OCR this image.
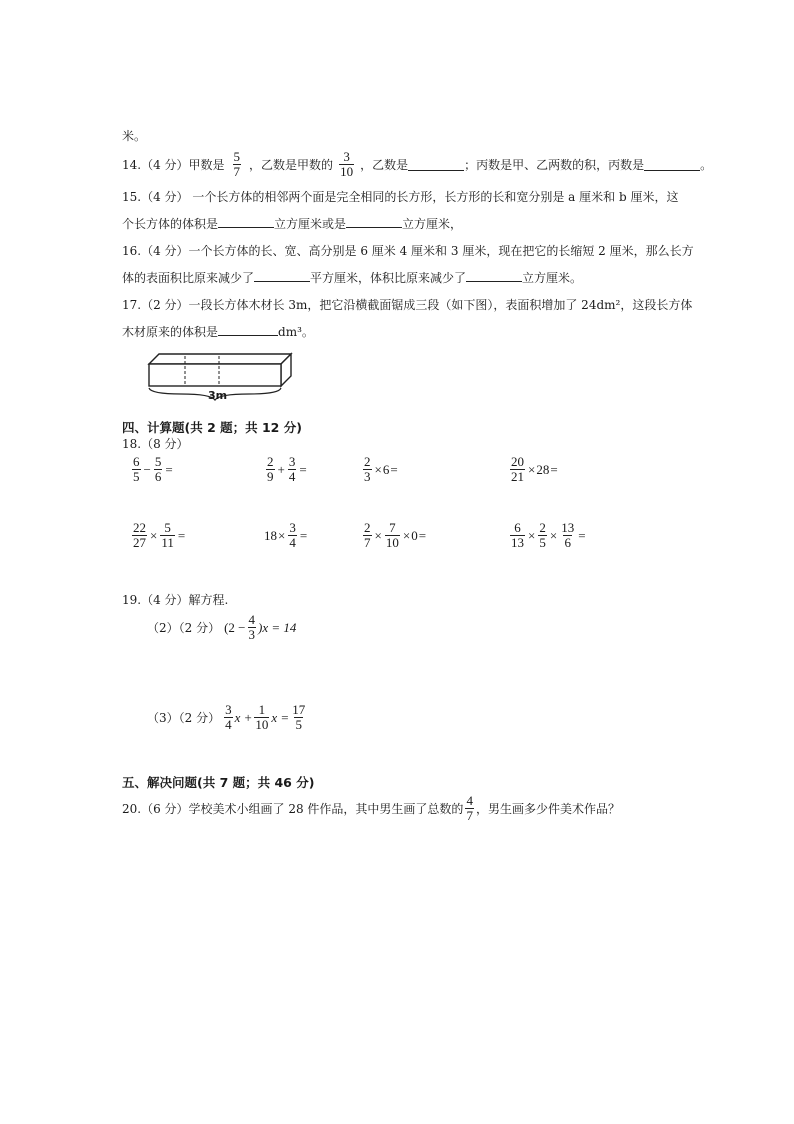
米。
14.（4 分）甲数是 $\frac{5}{7}$ ，乙数是甲数的 $\frac{3}{10}$ ，乙数是	；丙数是甲、乙两数的积，丙数是	。
15.（4 分） 一个长方体的相邻两个面是完全相同的长方形，长方形的长和宽分别是 a 厘米和 b 厘米，这
个长方体的体积是	立方厘米或是	立方厘米，
16.（4 分）一个长方体的长、宽、高分别是 6 厘米 4 厘米和 3 厘米，现在把它的长缩短 2 厘米，那么长方
体的表面积比原来减少了	平方厘米，体积比原来减少了	立方厘米。
17.（2 分）一段长方体木材长 3m，把它沿横截面锯成三段（如下图），表面积增加了 24dm²，这段长方体
木材原来的体积是	dm³。
3m
四、计算题(共 2 题；共 12 分)
18.（8 分）
$\frac{6}{5} - \frac{5}{6}$ =	$\frac{2}{9} + \frac{3}{4}$ =	$\frac{2}{3} \times 6$ =	$\frac{20}{21} \times 28$ =
$\frac{22}{27} \times \frac{5}{11}$ =	$18 \times \frac{3}{4}$ =	$\frac{2}{7} \times \frac{7}{10} \times 0$ =	$\frac{6}{13} \times \frac{2}{5} \times \frac{13}{6}$ =
19.（4 分）解方程.
（2）（2 分） $(2 - \frac{4}{3} )x = 14$
（3）（2 分） $\frac{3}{4}$ $x + \frac{1}{10}$ $x = \frac{17}{5}$
五、解决问题(共 7 题；共 46 分)
20.（6 分）学校美术小组画了 28 件作品，其中男生画了总数的 $\frac{4}{7}$ ，男生画多少件美术作品？
